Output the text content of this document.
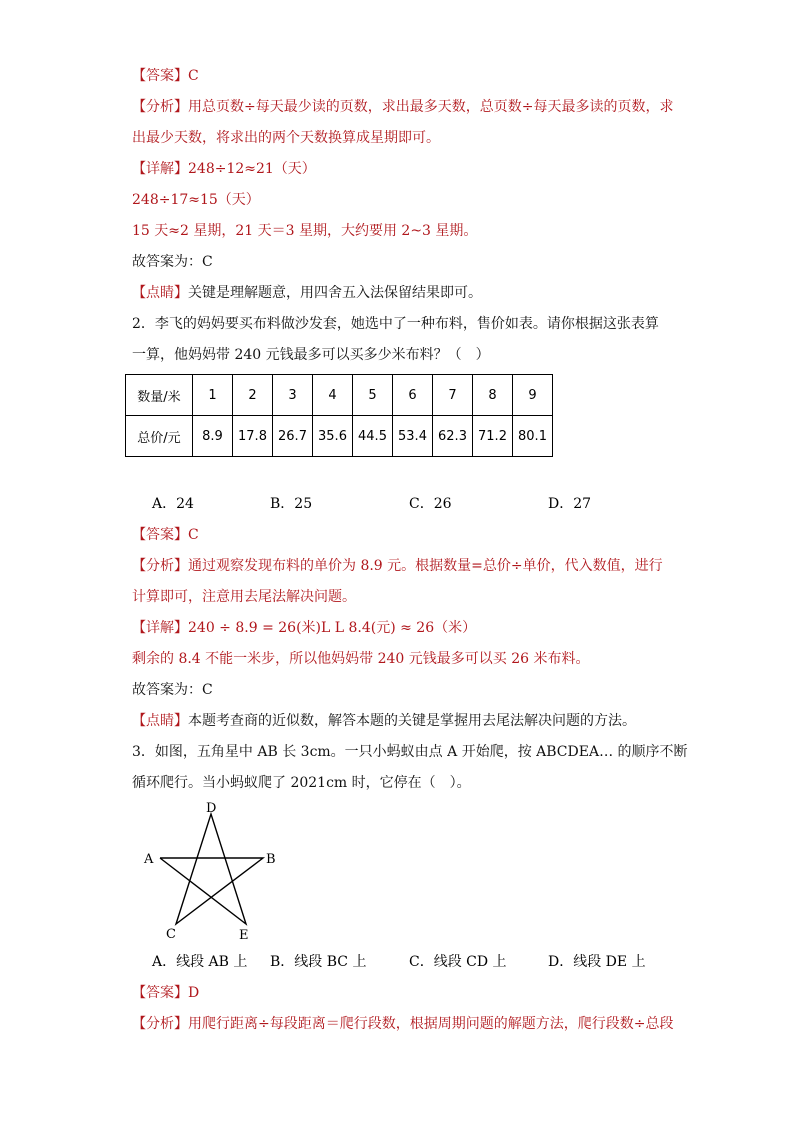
【答案】C
【分析】用总页数÷每天最少读的页数，求出最多天数，总页数÷每天最多读的页数，求
出最少天数，将求出的两个天数换算成星期即可。
【详解】248÷12≈21（天）
248÷17≈15（天）
15 天≈2 星期，21 天＝3 星期，大约要用 2~3 星期。
故答案为：C
【点睛】关键是理解题意，用四舍五入法保留结果即可。
2．李飞的妈妈要买布料做沙发套，她选中了一种布料，售价如表。请你根据这张表算
一算，他妈妈带 240 元钱最多可以买多少米布料？（　）
数量/米	1	2	3	4	5	6	7	8	9
总价/元	8.9	17.8	26.7	35.6	44.5	53.4	62.3	71.2	80.1
A．24	B．25	C．26	D．27
【答案】C
【分析】通过观察发现布料的单价为 8.9 元。根据数量=总价÷单价，代入数值，进行
计算即可，注意用去尾法解决问题。
【详解】240 ÷ 8.9 = 26(米)L L 8.4(元) ≈ 26（米）
剩余的 8.4 不能一米步，所以他妈妈带 240 元钱最多可以买 26 米布料。
故答案为：C
【点睛】本题考查商的近似数，解答本题的关键是掌握用去尾法解决问题的方法。
3．如图，五角星中 AB 长 3cm。一只小蚂蚁由点 A 开始爬，按 ABCDEA… 的顺序不断
循环爬行。当小蚂蚁爬了 2021cm 时，它停在（　）。
D
A	B
C	E
A．线段 AB 上 B．线段 BC 上	C．线段 CD 上	D．线段 DE 上
【答案】D
【分析】用爬行距离÷每段距离＝爬行段数，根据周期问题的解题方法，爬行段数÷总段
